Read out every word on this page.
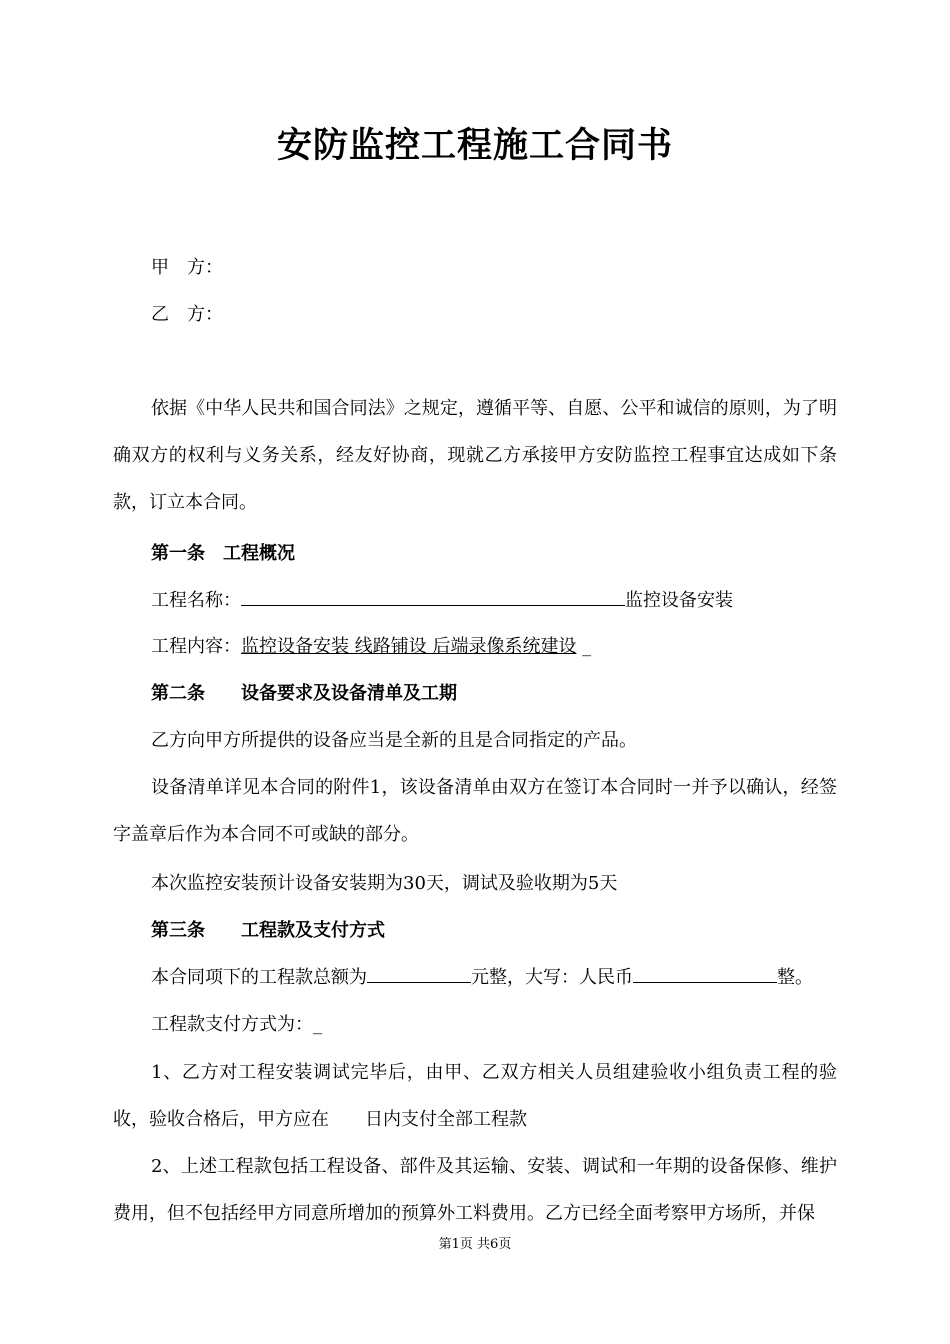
安防监控工程施工合同书
甲　方：
乙　方：
依据《中华人民共和国合同法》之规定，遵循平等、自愿、公平和诚信的原则，为了明确双方的权利与义务关系，经友好协商，现就乙方承接甲方安防监控工程事宜达成如下条款，订立本合同。
第一条　工程概况
工程名称：	监控设备安装
工程内容：监控设备安装 线路铺设 后端录像系统建设 _
第二条　　设备要求及设备清单及工期
乙方向甲方所提供的设备应当是全新的且是合同指定的产品。
设备清单详见本合同的附件1，该设备清单由双方在签订本合同时一并予以确认，经签字盖章后作为本合同不可或缺的部分。
本次监控安装预计设备安装期为30天，调试及验收期为5天
第三条　　工程款及支付方式
本合同项下的工程款总额为	元整，大写：人民币	整。
工程款支付方式为：_
1、乙方对工程安装调试完毕后，由甲、乙双方相关人员组建验收小组负责工程的验收，验收合格后，甲方应在　　日内支付全部工程款
2、上述工程款包括工程设备、部件及其运输、安装、调试和一年期的设备保修、维护费用，但不包括经甲方同意所增加的预算外工料费用。乙方已经全面考察甲方场所，并保
第1页 共6页
